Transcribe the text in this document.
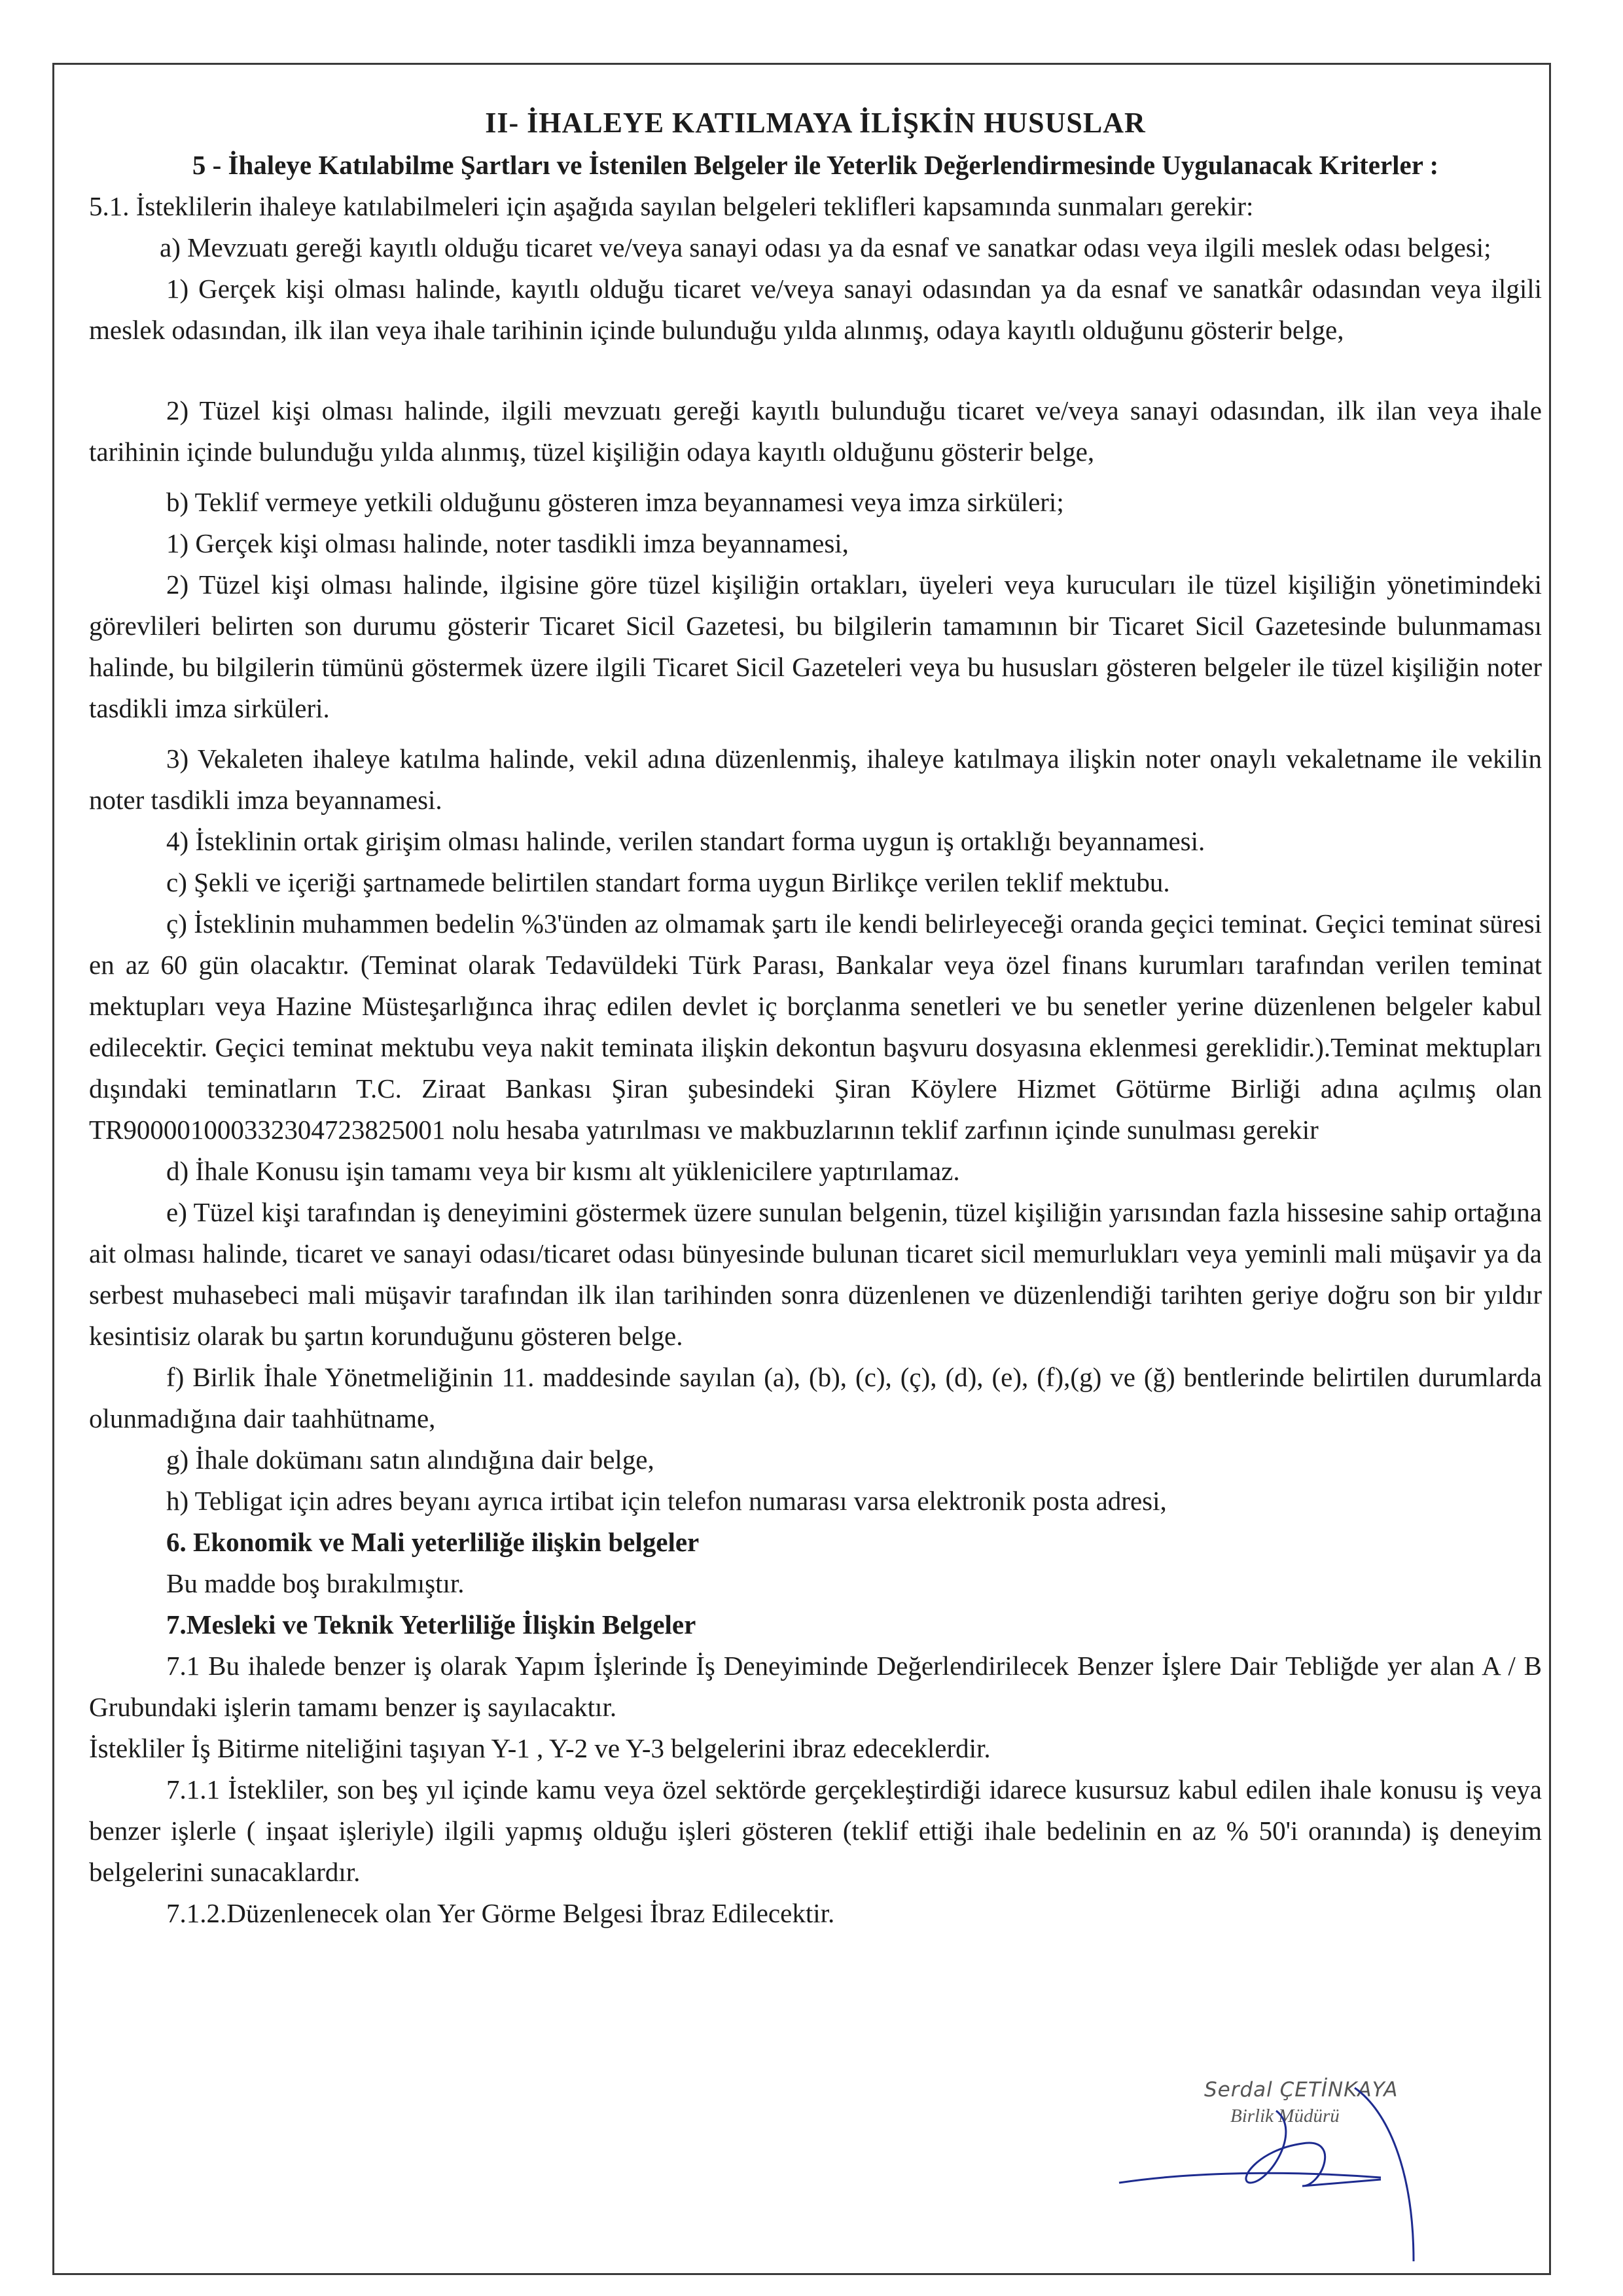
II- İHALEYE KATILMAYA İLİŞKİN HUSUSLAR
5 - İhaleye Katılabilme Şartları ve İstenilen Belgeler ile Yeterlik Değerlendirmesinde Uygulanacak Kriterler :

5.1. İsteklilerin ihaleye katılabilmeleri için aşağıda sayılan belgeleri teklifleri kapsamında sunmaları gerekir:

a) Mevzuatı gereği kayıtlı olduğu ticaret ve/veya sanayi odası ya da esnaf ve sanatkar odası veya ilgili meslek odası belgesi;

1) Gerçek kişi olması halinde, kayıtlı olduğu ticaret ve/veya sanayi odasından ya da esnaf ve sanatkâr odasından veya ilgili meslek odasından, ilk ilan veya ihale tarihinin içinde bulunduğu yılda alınmış, odaya kayıtlı olduğunu gösterir belge,

2) Tüzel kişi olması halinde, ilgili mevzuatı gereği kayıtlı bulunduğu ticaret ve/veya sanayi odasından, ilk ilan veya ihale tarihinin içinde bulunduğu yılda alınmış, tüzel kişiliğin odaya kayıtlı olduğunu gösterir belge,

b) Teklif vermeye yetkili olduğunu gösteren imza beyannamesi veya imza sirküleri;

1) Gerçek kişi olması halinde, noter tasdikli imza beyannamesi,

2) Tüzel kişi olması halinde, ilgisine göre tüzel kişiliğin ortakları, üyeleri veya kurucuları ile tüzel kişiliğin yönetimindeki görevlileri belirten son durumu gösterir Ticaret Sicil Gazetesi, bu bilgilerin tamamının bir Ticaret Sicil Gazetesinde bulunmaması halinde, bu bilgilerin tümünü göstermek üzere ilgili Ticaret Sicil Gazeteleri veya bu hususları gösteren belgeler ile tüzel kişiliğin noter tasdikli imza sirküleri.

3) Vekaleten ihaleye katılma halinde, vekil adına düzenlenmiş, ihaleye katılmaya ilişkin noter onaylı vekaletname ile vekilin noter tasdikli imza beyannamesi.

4) İsteklinin ortak girişim olması halinde, verilen standart forma uygun iş ortaklığı beyannamesi.

c) Şekli ve içeriği şartnamede belirtilen standart forma uygun Birlikçe verilen teklif mektubu.

ç) İsteklinin muhammen bedelin %3'ünden az olmamak şartı ile kendi belirleyeceği oranda geçici teminat. Geçici teminat süresi en az 60 gün olacaktır. (Teminat olarak Tedavüldeki Türk Parası, Bankalar veya özel finans kurumları tarafından verilen teminat mektupları veya Hazine Müsteşarlığınca ihraç edilen devlet iç borçlanma senetleri ve bu senetler yerine düzenlenen belgeler kabul edilecektir. Geçici teminat mektubu veya nakit teminata ilişkin dekontun başvuru dosyasına eklenmesi gereklidir.).Teminat mektupları dışındaki teminatların T.C. Ziraat Bankası Şiran şubesindeki Şiran Köylere Hizmet Götürme Birliği adına açılmış olan TR900001000332304723825001 nolu hesaba yatırılması ve makbuzlarının teklif zarfının içinde sunulması gerekir

d) İhale Konusu işin tamamı veya bir kısmı alt yüklenicilere yaptırılamaz.

e) Tüzel kişi tarafından iş deneyimini göstermek üzere sunulan belgenin, tüzel kişiliğin yarısından fazla hissesine sahip ortağına ait olması halinde, ticaret ve sanayi odası/ticaret odası bünyesinde bulunan ticaret sicil memurlukları veya yeminli mali müşavir ya da serbest muhasebeci mali müşavir tarafından ilk ilan tarihinden sonra düzenlenen ve düzenlendiği tarihten geriye doğru son bir yıldır kesintisiz olarak bu şartın korunduğunu gösteren belge.

f) Birlik İhale Yönetmeliğinin 11. maddesinde sayılan (a), (b), (c), (ç), (d), (e), (f),(g) ve (ğ) bentlerinde belirtilen durumlarda olunmadığına dair taahhütname,

g) İhale dokümanı satın alındığına dair belge,

h) Tebligat için adres beyanı ayrıca irtibat için telefon numarası varsa elektronik posta adresi,

6. Ekonomik ve Mali yeterliliğe ilişkin belgeler

Bu madde boş bırakılmıştır.

7.Mesleki ve Teknik Yeterliliğe İlişkin Belgeler

7.1 Bu ihalede benzer iş olarak Yapım İşlerinde İş Deneyiminde Değerlendirilecek Benzer İşlere Dair Tebliğde yer alan A / B Grubundaki işlerin tamamı benzer iş sayılacaktır.

İstekliler İş Bitirme niteliğini taşıyan Y-1 , Y-2 ve Y-3 belgelerini ibraz edeceklerdir.

7.1.1 İstekliler, son beş yıl içinde kamu veya özel sektörde gerçekleştirdiği idarece kusursuz kabul edilen ihale konusu iş veya benzer işlerle ( inşaat işleriyle) ilgili yapmış olduğu işleri gösteren (teklif ettiği ihale bedelinin en az % 50'i oranında) iş deneyim belgelerini sunacaklardır.

7.1.2.Düzenlenecek olan Yer Görme Belgesi İbraz Edilecektir.

Serdal ÇETİNKAYA
Birlik Müdürü
